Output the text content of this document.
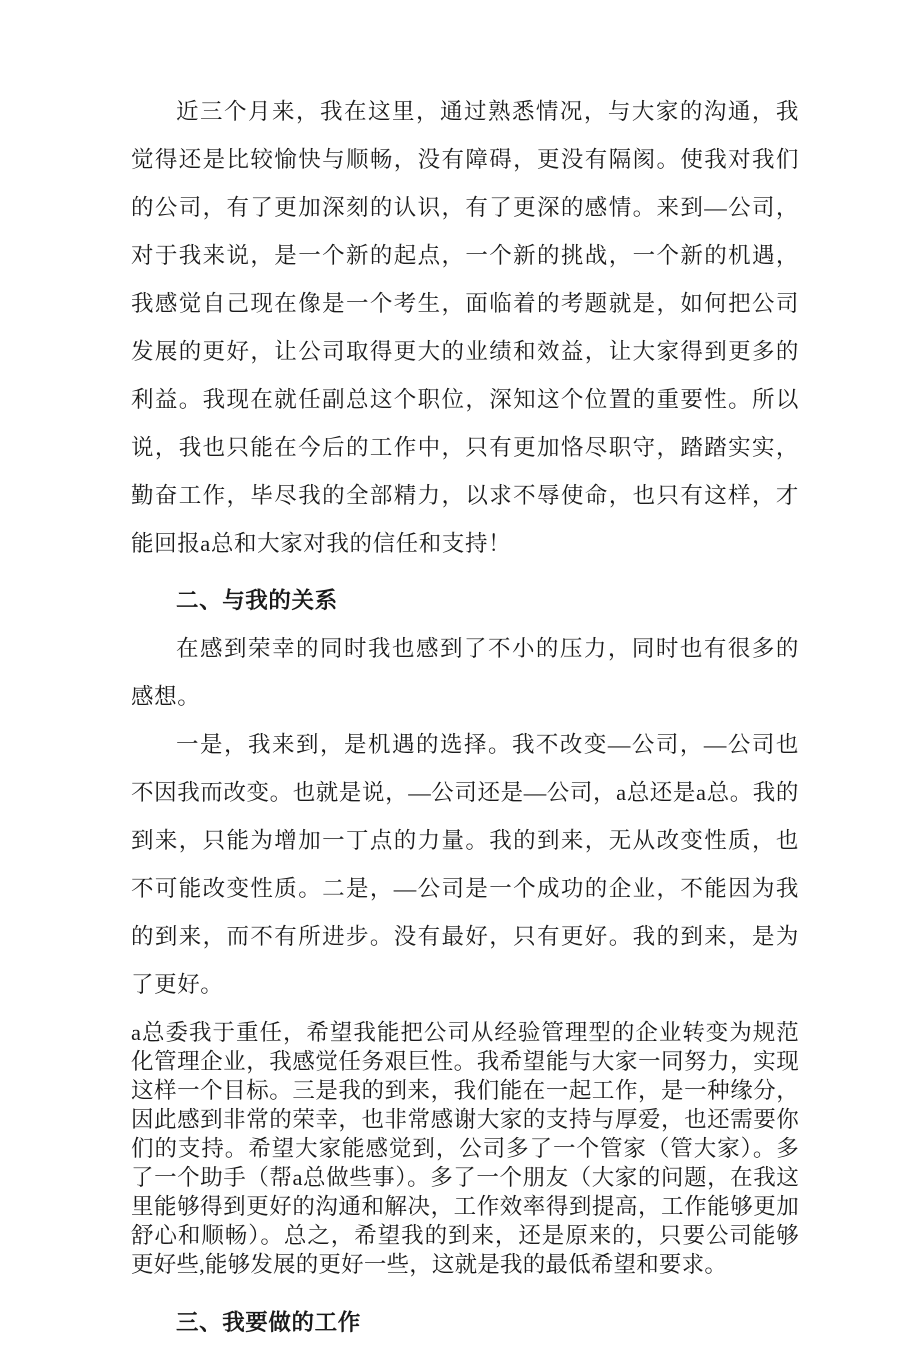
近三个月来，我在这里，通过熟悉情况，与大家的沟通，我觉得还是比较愉快与顺畅，没有障碍，更没有隔阂。使我对我们的公司，有了更加深刻的认识，有了更深的感情。来到—公司，对于我来说，是一个新的起点，一个新的挑战，一个新的机遇，我感觉自己现在像是一个考生，面临着的考题就是，如何把公司发展的更好，让公司取得更大的业绩和效益，让大家得到更多的利益。我现在就任副总这个职位，深知这个位置的重要性。所以说，我也只能在今后的工作中，只有更加恪尽职守，踏踏实实，勤奋工作，毕尽我的全部精力，以求不辱使命，也只有这样，才能回报a总和大家对我的信任和支持！

二、与我的关系

在感到荣幸的同时我也感到了不小的压力，同时也有很多的感想。

一是，我来到，是机遇的选择。我不改变—公司，—公司也不因我而改变。也就是说，—公司还是—公司，a总还是a总。我的到来，只能为增加一丁点的力量。我的到来，无从改变性质，也不可能改变性质。二是，—公司是一个成功的企业，不能因为我的到来，而不有所进步。没有最好，只有更好。我的到来，是为了更好。

a总委我于重任，希望我能把公司从经验管理型的企业转变为规范化管理企业，我感觉任务艰巨性。我希望能与大家一同努力，实现这样一个目标。三是我的到来，我们能在一起工作，是一种缘分，因此感到非常的荣幸，也非常感谢大家的支持与厚爱，也还需要你们的支持。希望大家能感觉到，公司多了一个管家（管大家）。多了一个助手（帮a总做些事）。多了一个朋友（大家的问题，在我这里能够得到更好的沟通和解决，工作效率得到提高，工作能够更加舒心和顺畅）。总之，希望我的到来，还是原来的，只要公司能够更好些,能够发展的更好一些，这就是我的最低希望和要求。

三、我要做的工作
